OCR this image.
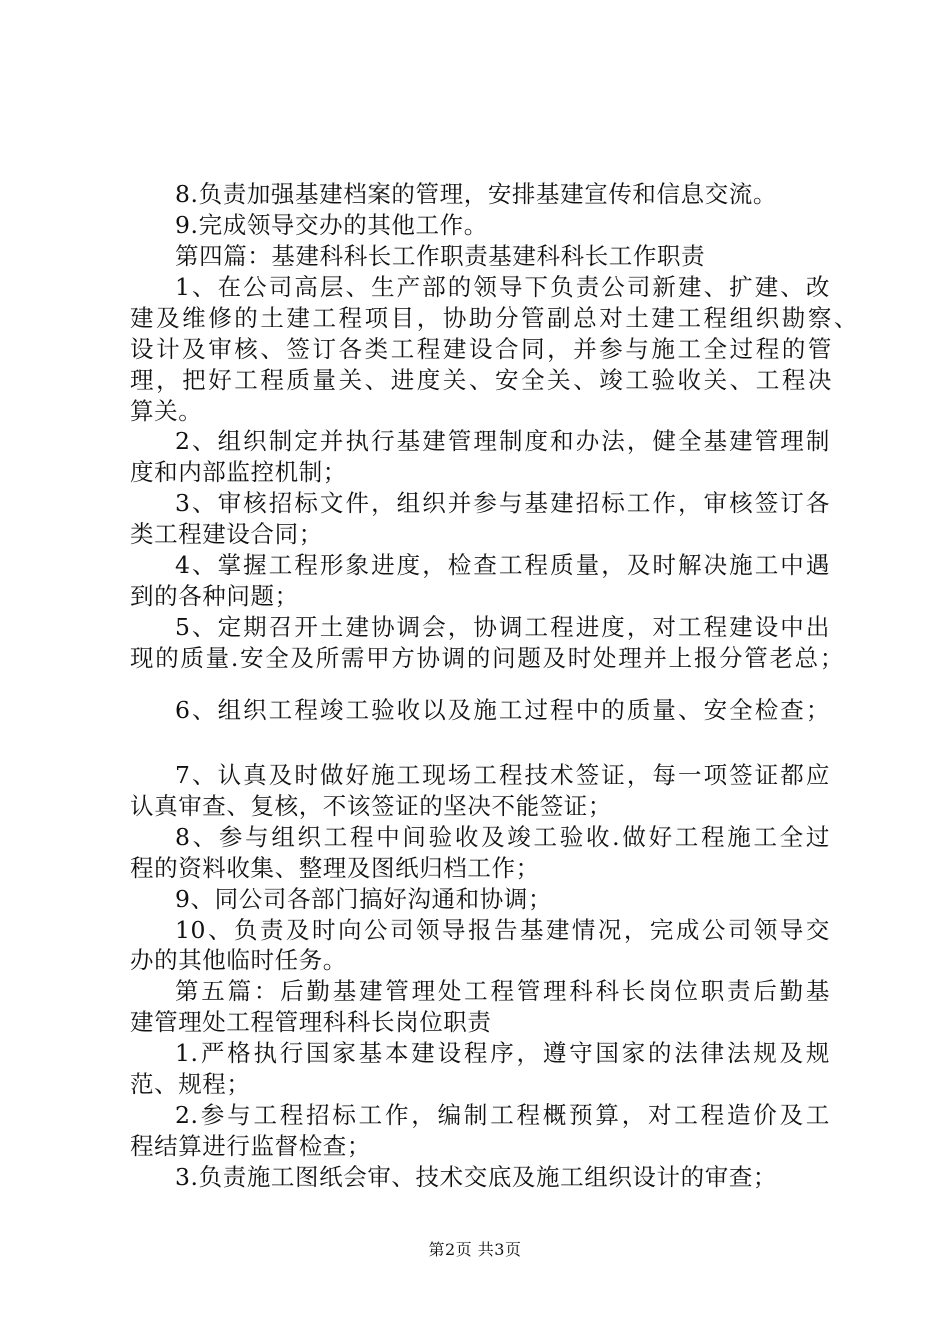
8.负责加强基建档案的管理，安排基建宣传和信息交流。
9.完成领导交办的其他工作。
第四篇：基建科科长工作职责基建科科长工作职责
1、在公司高层、生产部的领导下负责公司新建、扩建、改
建及维修的土建工程项目，协助分管副总对土建工程组织勘察、
设计及审核、签订各类工程建设合同，并参与施工全过程的管
理，把好工程质量关、进度关、安全关、竣工验收关、工程决
算关。
2、组织制定并执行基建管理制度和办法，健全基建管理制
度和内部监控机制；
3、审核招标文件，组织并参与基建招标工作，审核签订各
类工程建设合同；
4、掌握工程形象进度，检查工程质量，及时解决施工中遇
到的各种问题；
5、定期召开土建协调会，协调工程进度，对工程建设中出
现的质量.安全及所需甲方协调的问题及时处理并上报分管老总；
6、组织工程竣工验收以及施工过程中的质量、安全检查；
7、认真及时做好施工现场工程技术签证，每一项签证都应
认真审查、复核，不该签证的坚决不能签证；
8、参与组织工程中间验收及竣工验收.做好工程施工全过
程的资料收集、整理及图纸归档工作；
9、同公司各部门搞好沟通和协调；
10、负责及时向公司领导报告基建情况，完成公司领导交
办的其他临时任务。
第五篇：后勤基建管理处工程管理科科长岗位职责后勤基
建管理处工程管理科科长岗位职责
1.严格执行国家基本建设程序，遵守国家的法律法规及规
范、规程；
2.参与工程招标工作，编制工程概预算，对工程造价及工
程结算进行监督检查；
3.负责施工图纸会审、技术交底及施工组织设计的审查；
第2页 共3页
